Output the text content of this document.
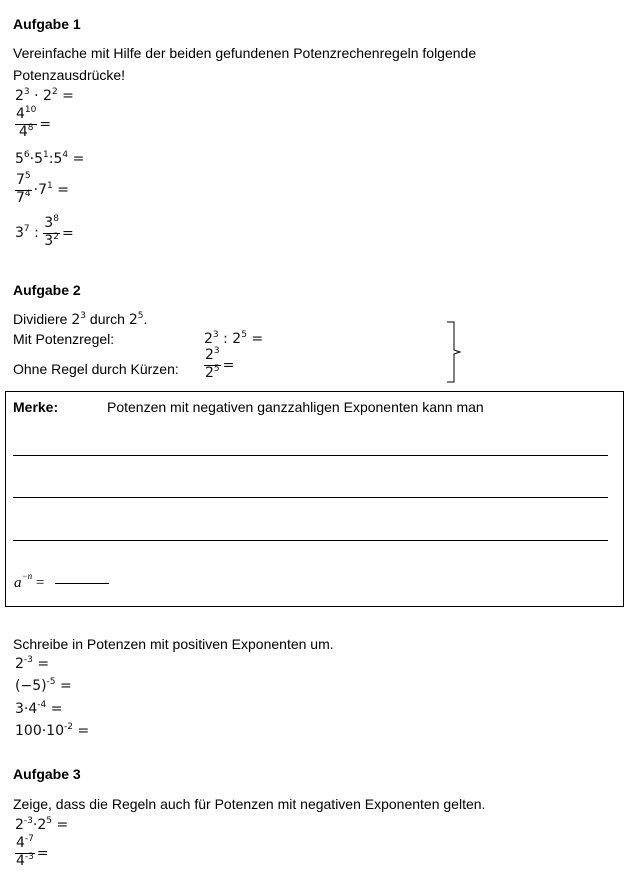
Aufgabe 1
Vereinfache mit Hilfe der beiden gefundenen Potenzrechenregeln folgende
Potenzausdrücke!
$2^3 \cdot 2^2$ =
$\frac{4^{10}}{4^8}$ =
$5^6\cdot 5^1:5^4$ =
$\frac{7^5}{7^4} \cdot 7^1$ =
$3^7$ : $\frac{3^8}{3^2}$ =
Aufgabe 2
Dividiere $2^3$ durch $2^5$.
Mit Potenzregel:	$2^3$ : $2^5$ =
Ohne Regel durch Kürzen: $\frac{2^3}{2^5}$ =
Merke:	Potenzen mit negativen ganzzahligen Exponenten kann man
$a^{-n}$ =
Schreibe in Potenzen mit positiven Exponenten um.
$2^{-3}$ =
$(-5)^{-5}$ =
$3\cdot 4^{-4}$ =
$100\cdot 10^{-2}$ =
Aufgabe 3
Zeige, dass die Regeln auch für Potenzen mit negativen Exponenten gelten.
$2^{-3}\cdot 2^5$ =
$\frac{4^{-7}}{4^{-3}}$ =
